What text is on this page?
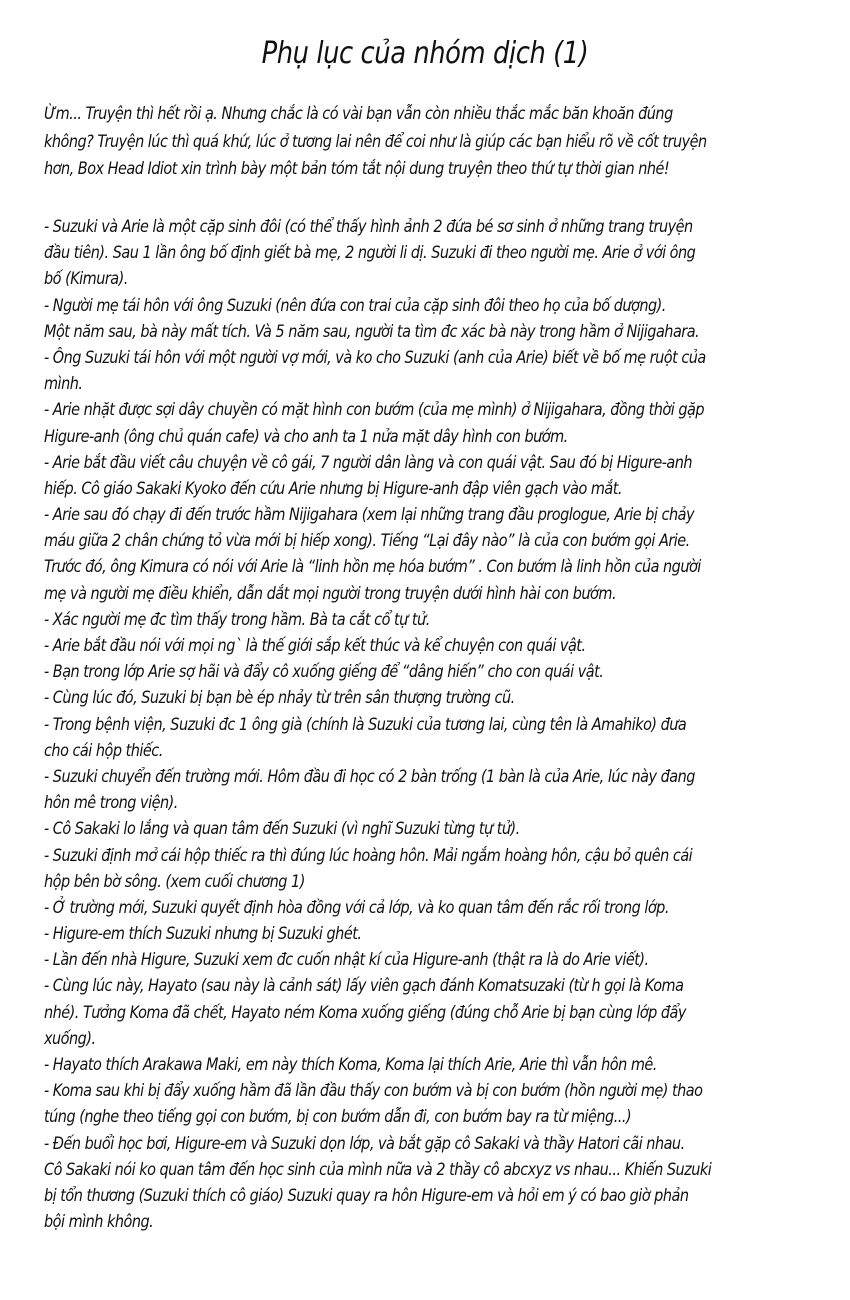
Phụ lục của nhóm dịch (1)
Ừm... Truyện thì hết rồi ạ. Nhưng chắc là có vài bạn vẫn còn nhiều thắc mắc băn khoăn đúng
không? Truyện lúc thì quá khứ, lúc ở tương lai nên để coi như là giúp các bạn hiểu rõ về cốt truyện
hơn, Box Head Idiot xin trình bày một bản tóm tắt nội dung truyện theo thứ tự thời gian nhé!
- Suzuki và Arie là một cặp sinh đôi (có thể thấy hình ảnh 2 đứa bé sơ sinh ở những trang truyện
đầu tiên). Sau 1 lần ông bố định giết bà mẹ, 2 người li dị. Suzuki đi theo người mẹ. Arie ở với ông
bố (Kimura).
- Người mẹ tái hôn với ông Suzuki (nên đứa con trai của cặp sinh đôi theo họ của bố dượng).
Một năm sau, bà này mất tích. Và 5 năm sau, người ta tìm đc xác bà này trong hầm ở Nijigahara.
- Ông Suzuki tái hôn với một người vợ mới, và ko cho Suzuki (anh của Arie) biết về bố mẹ ruột của
mình.
- Arie nhặt được sợi dây chuyền có mặt hình con bướm (của mẹ mình) ở Nijigahara, đồng thời gặp
Higure-anh (ông chủ quán cafe) và cho anh ta 1 nửa mặt dây hình con bướm.
- Arie bắt đầu viết câu chuyện về cô gái, 7 người dân làng và con quái vật. Sau đó bị Higure-anh
hiếp. Cô giáo Sakaki Kyoko đến cứu Arie nhưng bị Higure-anh đập viên gạch vào mắt.
- Arie sau đó chạy đi đến trước hầm Nijigahara (xem lại những trang đầu proglogue, Arie bị chảy
máu giữa 2 chân chứng tỏ vừa mới bị hiếp xong). Tiếng “Lại đây nào” là của con bướm gọi Arie.
Trước đó, ông Kimura có nói với Arie là “linh hồn mẹ hóa bướm” . Con bướm là linh hồn của người
mẹ và người mẹ điều khiển, dẫn dắt mọi người trong truyện dưới hình hài con bướm.
- Xác người mẹ đc tìm thấy trong hầm. Bà ta cắt cổ tự tử.
- Arie bắt đầu nói với mọi ng` là thế giới sắp kết thúc và kể chuyện con quái vật.
- Bạn trong lớp Arie sợ hãi và đẩy cô xuống giếng để “dâng hiến” cho con quái vật.
- Cùng lúc đó, Suzuki bị bạn bè ép nhảy từ trên sân thượng trường cũ.
- Trong bệnh viện, Suzuki đc 1 ông già (chính là Suzuki của tương lai, cùng tên là Amahiko) đưa
cho cái hộp thiếc.
- Suzuki chuyển đến trường mới. Hôm đầu đi học có 2 bàn trống (1 bàn là của Arie, lúc này đang
hôn mê trong viện).
- Cô Sakaki lo lắng và quan tâm đến Suzuki (vì nghĩ Suzuki từng tự tử).
- Suzuki định mở cái hộp thiếc ra thì đúng lúc hoàng hôn. Mải ngắm hoàng hôn, cậu bỏ quên cái
hộp bên bờ sông. (xem cuối chương 1)
- Ở trường mới, Suzuki quyết định hòa đồng với cả lớp, và ko quan tâm đến rắc rối trong lớp.
- Higure-em thích Suzuki nhưng bị Suzuki ghét.
- Lần đến nhà Higure, Suzuki xem đc cuốn nhật kí của Higure-anh (thật ra là do Arie viết).
- Cùng lúc này, Hayato (sau này là cảnh sát) lấy viên gạch đánh Komatsuzaki (từ h gọi là Koma
nhé). Tưởng Koma đã chết, Hayato ném Koma xuống giếng (đúng chỗ Arie bị bạn cùng lớp đẩy
xuống).
- Hayato thích Arakawa Maki, em này thích Koma, Koma lại thích Arie, Arie thì vẫn hôn mê.
- Koma sau khi bị đẩy xuống hầm đã lần đầu thấy con bướm và bị con bướm (hồn người mẹ) thao
túng (nghe theo tiếng gọi con bướm, bị con bướm dẫn đi, con bướm bay ra từ miệng...)
- Đến buổi học bơi, Higure-em và Suzuki dọn lớp, và bắt gặp cô Sakaki và thầy Hatori cãi nhau.
Cô Sakaki nói ko quan tâm đến học sinh của mình nữa và 2 thầy cô abcxyz vs nhau... Khiến Suzuki
bị tổn thương (Suzuki thích cô giáo) Suzuki quay ra hôn Higure-em và hỏi em ý có bao giờ phản
bội mình không.
